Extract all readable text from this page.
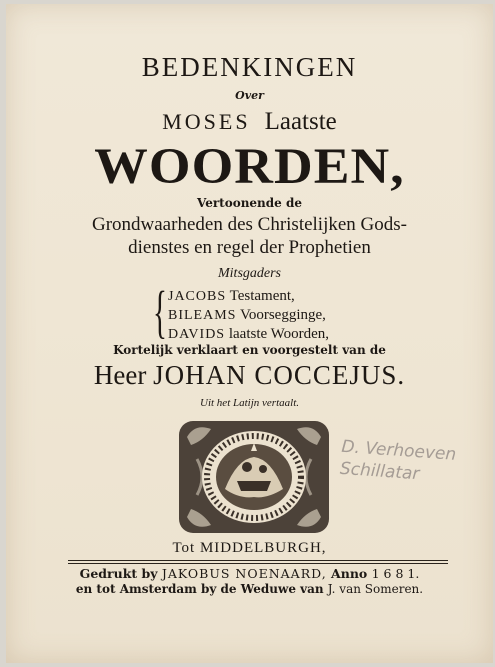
BEDENKINGEN
Over
MOSES Laatste
WOORDEN,
Vertoonende de
Grondwaarheden des Christelijken Gods-
dienstes en regel der Prophetien
Mitsgaders
{ JACOBS Testament,
BILEAMS Voorsegginge,
DAVIDS laatste Woorden,
Kortelijk verklaart en voorgestelt van de
Heer JOHAN COCCEJUS.
Uit het Latijn vertaalt.
D. Verhoeven Schillatar
Tot MIDDELBURGH,
Gedrukt by JAKOBUS NOENAARD, Anno 1 6 8 1.
en tot Amsterdam by de Weduwe van J. van Someren.
